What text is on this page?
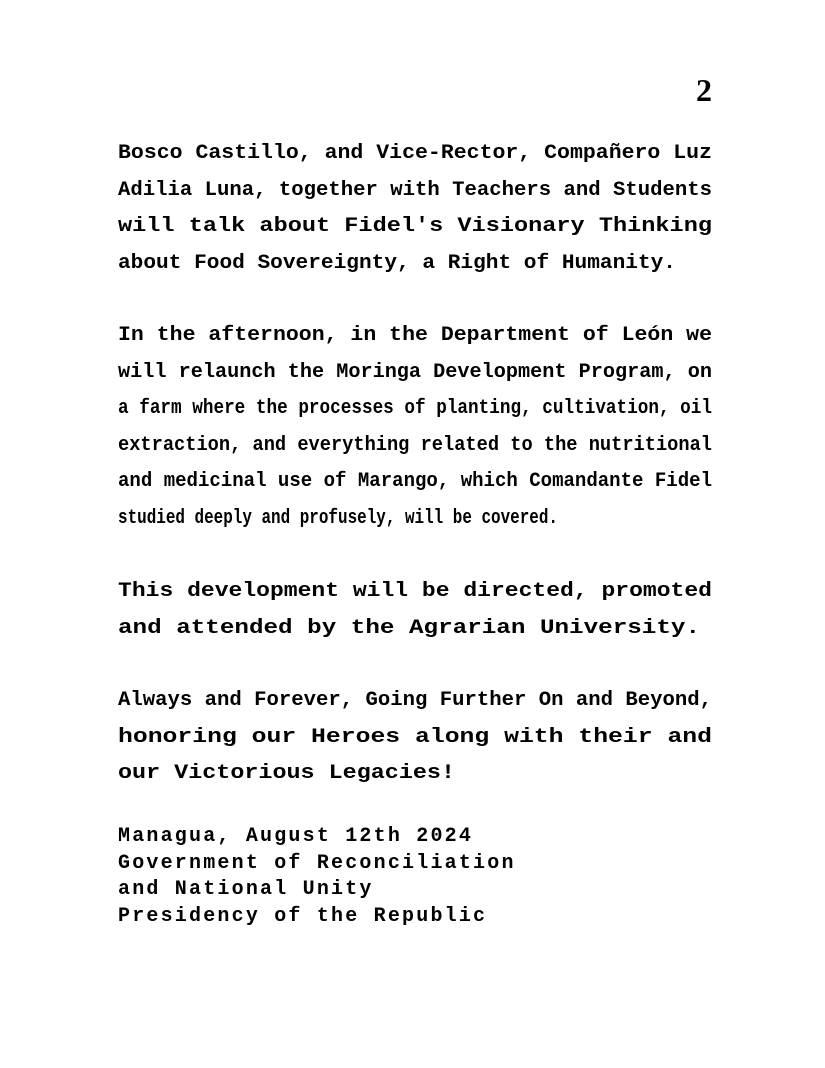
2
Bosco Castillo, and Vice-Rector, Compañero Luz
Adilia Luna, together with Teachers and Students
will talk about Fidel's Visionary Thinking
about Food Sovereignty, a Right of Humanity.
In the afternoon, in the Department of León we
will relaunch the Moringa Development Program, on
a farm where the processes of planting, cultivation, oil
extraction, and everything related to the nutritional
and medicinal use of Marango, which Comandante Fidel
studied deeply and profusely, will be covered.
This development will be directed, promoted
and attended by the Agrarian University.
Always and Forever, Going Further On and Beyond,
honoring our Heroes along with their and
our Victorious Legacies!
Managua, August 12th 2024
Government of Reconciliation
and National Unity
Presidency of the Republic
